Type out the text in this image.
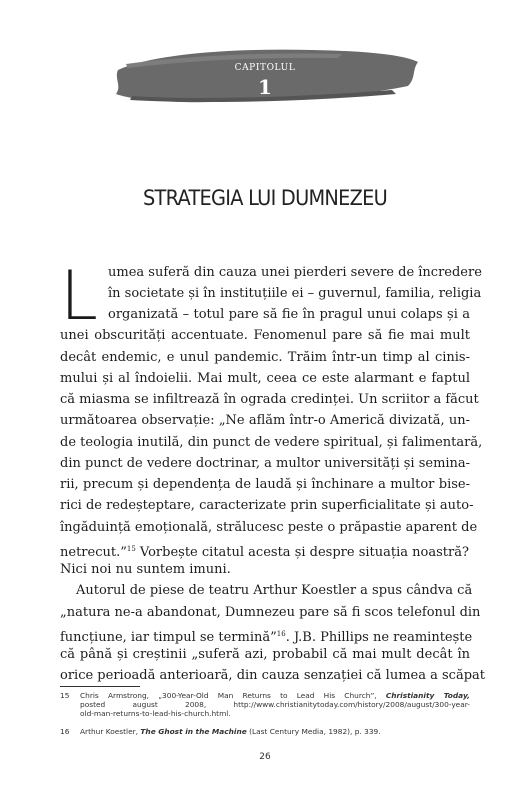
CAPITOLUL
1
STRATEGIA LUI DUMNEZEU
L umea suferă din cauza unei pierderi severe de încredere
în societate și în instituțiile ei – guvernul, familia, religia
organizată – totul pare să fie în pragul unui colaps și a
unei obscurități accentuate. Fenomenul pare să fie mai mult
decât endemic, e unul pandemic. Trăim într-un timp al cinis-
mului și al îndoielii. Mai mult, ceea ce este alarmant e faptul
că miasma se infiltrează în ograda credinței. Un scriitor a făcut
următoarea observație: „Ne aflăm într-o Americă divizată, un-
de teologia inutilă, din punct de vedere spiritual, și falimentară,
din punct de vedere doctrinar, a multor universități și semina-
rii, precum și dependența de laudă și închinare a multor bise-
rici de redeșteptare, caracterizate prin superficialitate și auto-
îngăduință emoțională, strălucesc peste o prăpastie aparent de
netrecut.”$^{15}$ Vorbește citatul acesta și despre situația noastră?
Nici noi nu suntem imuni.
Autorul de piese de teatru Arthur Koestler a spus cândva că
„natura ne-a abandonat, Dumnezeu pare să fi scos telefonul din
funcțiune, iar timpul se termină”$^{16}$. J.B. Phillips ne reamintește
că până și creștinii „suferă azi, probabil că mai mult decât în
orice perioadă anterioară, din cauza senzației că lumea a scăpat
15 Chris Armstrong, „300-Year-Old Man Returns to Lead His Church”, Christianity Today,
posted august 2008, http://www.christianitytoday.com/history/2008/august/300-year-
old-man-returns-to-lead-his-church.html.
16 Arthur Koestler, The Ghost in the Machine (Last Century Media, 1982), p. 339.
26
